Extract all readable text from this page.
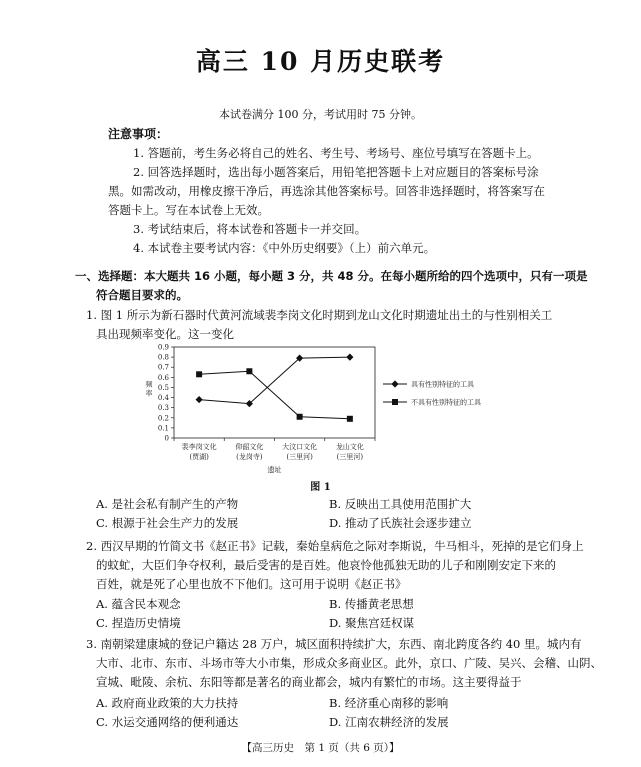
高三 10 月历史联考
本试卷满分 100 分，考试用时 75 分钟。
注意事项：
1. 答题前，考生务必将自己的姓名、考生号、考场号、座位号填写在答题卡上。
2. 回答选择题时，选出每小题答案后，用铅笔把答题卡上对应题目的答案标号涂
黑。如需改动，用橡皮擦干净后，再选涂其他答案标号。回答非选择题时，将答案写在
答题卡上。写在本试卷上无效。
3. 考试结束后，将本试卷和答题卡一并交回。
4. 本试卷主要考试内容：《中外历史纲要》（上）前六单元。
一、选择题：本大题共 16 小题，每小题 3 分，共 48 分。在每小题所给的四个选项中，只有一项是
符合题目要求的。
1. 图 1 所示为新石器时代黄河流域裴李岗文化时期到龙山文化时期遗址出土的与性别相关工
具出现频率变化。这一变化
0
0.1
0.2
0.3
0.4
0.5
0.6
0.7
0.8
0.9
频率
裴李岗文化
(贾湖)
仰韶文化
(龙岗寺)
大汶口文化
(三里河)
龙山文化
(三里河)
遗址
具有性别特征的工具
不具有性别特征的工具
图 1
A. 是社会私有制产生的产物	B. 反映出工具使用范围扩大
C. 根源于社会生产力的发展	D. 推动了氏族社会逐步建立
2. 西汉早期的竹简文书《赵正书》记载，秦始皇病危之际对李斯说，牛马相斗，死掉的是它们身上
的蚊虻，大臣们争夺权利，最后受害的是百姓。他哀怜他孤独无助的儿子和刚刚安定下来的
百姓，就是死了心里也放不下他们。这可用于说明《赵正书》
A. 蕴含民本观念	B. 传播黄老思想
C. 捏造历史情境	D. 聚焦宫廷权谋
3. 南朝梁建康城的登记户籍达 28 万户，城区面积持续扩大，东西、南北跨度各约 40 里。城内有
大市、北市、东市、斗场市等大小市集，形成众多商业区。此外，京口、广陵、吴兴、会稽、山阴、
宣城、毗陵、余杭、东阳等都是著名的商业都会，城内有繁忙的市场。这主要得益于
A. 政府商业政策的大力扶持	B. 经济重心南移的影响
C. 水运交通网络的便利通达	D. 江南农耕经济的发展
【高三历史　第 1 页（共 6 页）】
